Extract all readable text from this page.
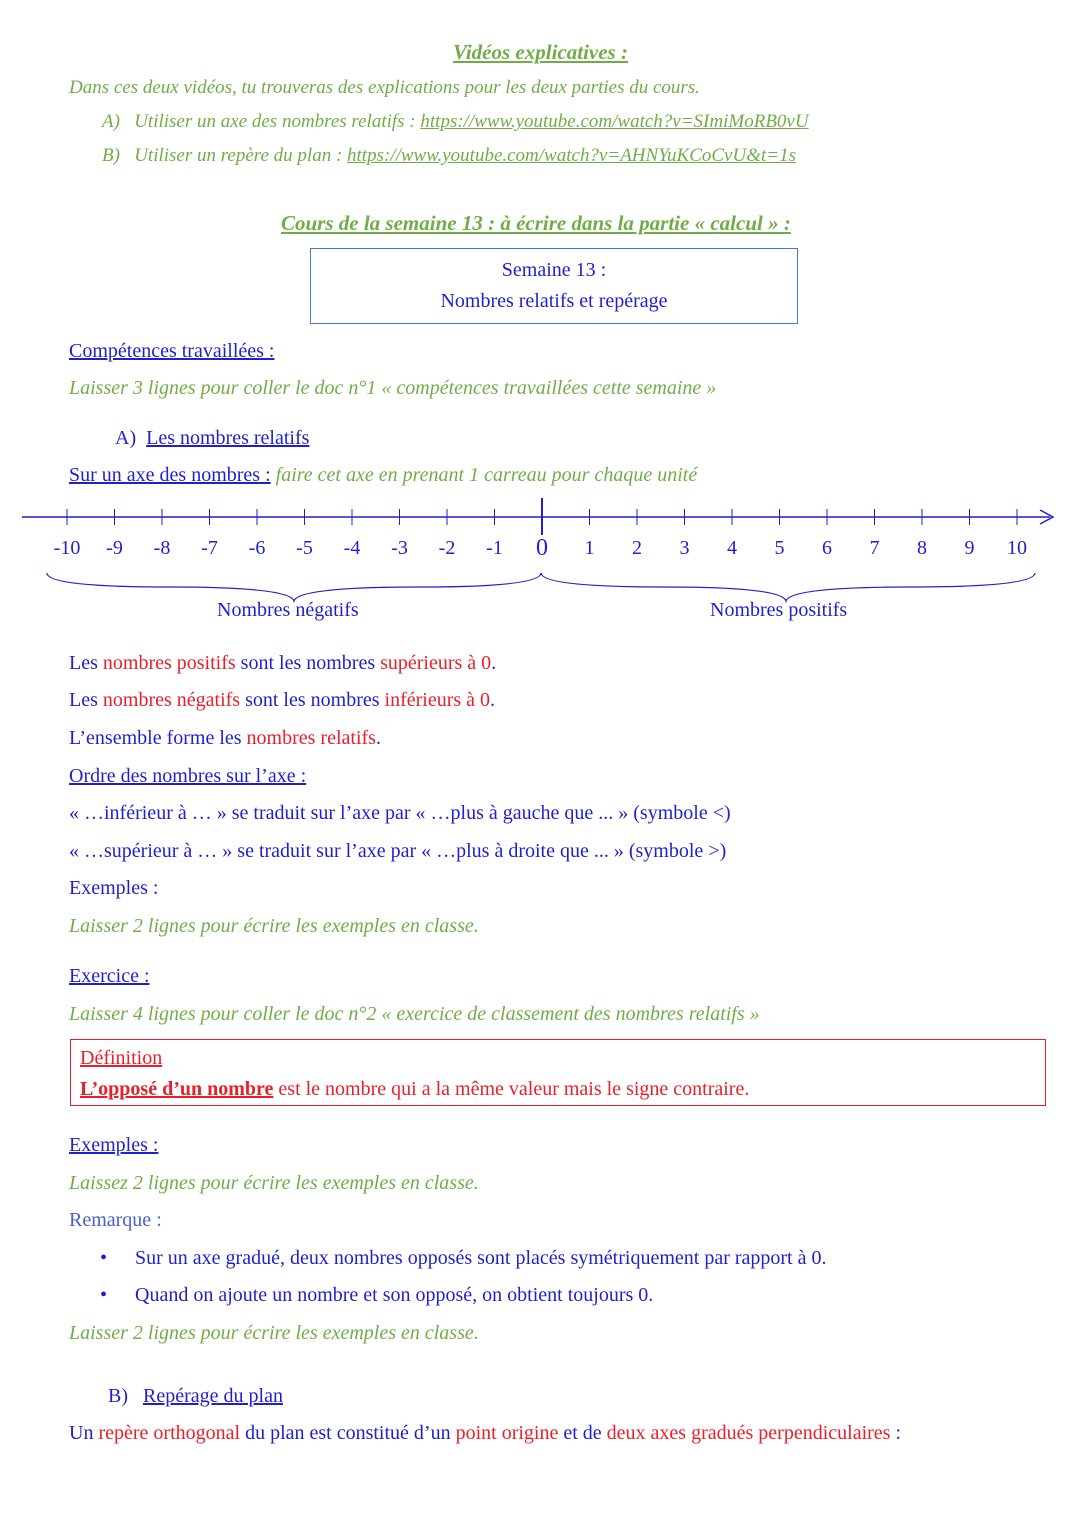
Vidéos explicatives :
Dans ces deux vidéos, tu trouveras des explications pour les deux parties du cours.
A) Utiliser un axe des nombres relatifs : https://www.youtube.com/watch?v=SImiMoRB0vU
B) Utiliser un repère du plan : https://www.youtube.com/watch?v=AHNYuKCoCvU&t=1s
Cours de la semaine 13 : à écrire dans la partie « calcul » :
Semaine 13 :
Nombres relatifs et repérage
Compétences travaillées :
Laisser 3 lignes pour coller le doc n°1 « compétences travaillées cette semaine »
A) Les nombres relatifs
Sur un axe des nombres : faire cet axe en prenant 1 carreau pour chaque unité
-10 -9 -8 -7 -6 -5 -4 -3 -2 -1 0 1 2 3 4 5 6 7 8 9 10
Nombres négatifs	Nombres positifs
Les nombres positifs sont les nombres supérieurs à 0.
Les nombres négatifs sont les nombres inférieurs à 0.
L’ensemble forme les nombres relatifs.
Ordre des nombres sur l’axe :
« …inférieur à … » se traduit sur l’axe par « …plus à gauche que ... » (symbole <)
« …supérieur à … » se traduit sur l’axe par « …plus à droite que ... » (symbole >)
Exemples :
Laisser 2 lignes pour écrire les exemples en classe.
Exercice :
Laisser 4 lignes pour coller le doc n°2 « exercice de classement des nombres relatifs »
Définition
L’opposé d’un nombre est le nombre qui a la même valeur mais le signe contraire.
Exemples :
Laissez 2 lignes pour écrire les exemples en classe.
Remarque :
• Sur un axe gradué, deux nombres opposés sont placés symétriquement par rapport à 0.
• Quand on ajoute un nombre et son opposé, on obtient toujours 0.
Laisser 2 lignes pour écrire les exemples en classe.
B) Repérage du plan
Un repère orthogonal du plan est constitué d’un point origine et de deux axes gradués perpendiculaires :
